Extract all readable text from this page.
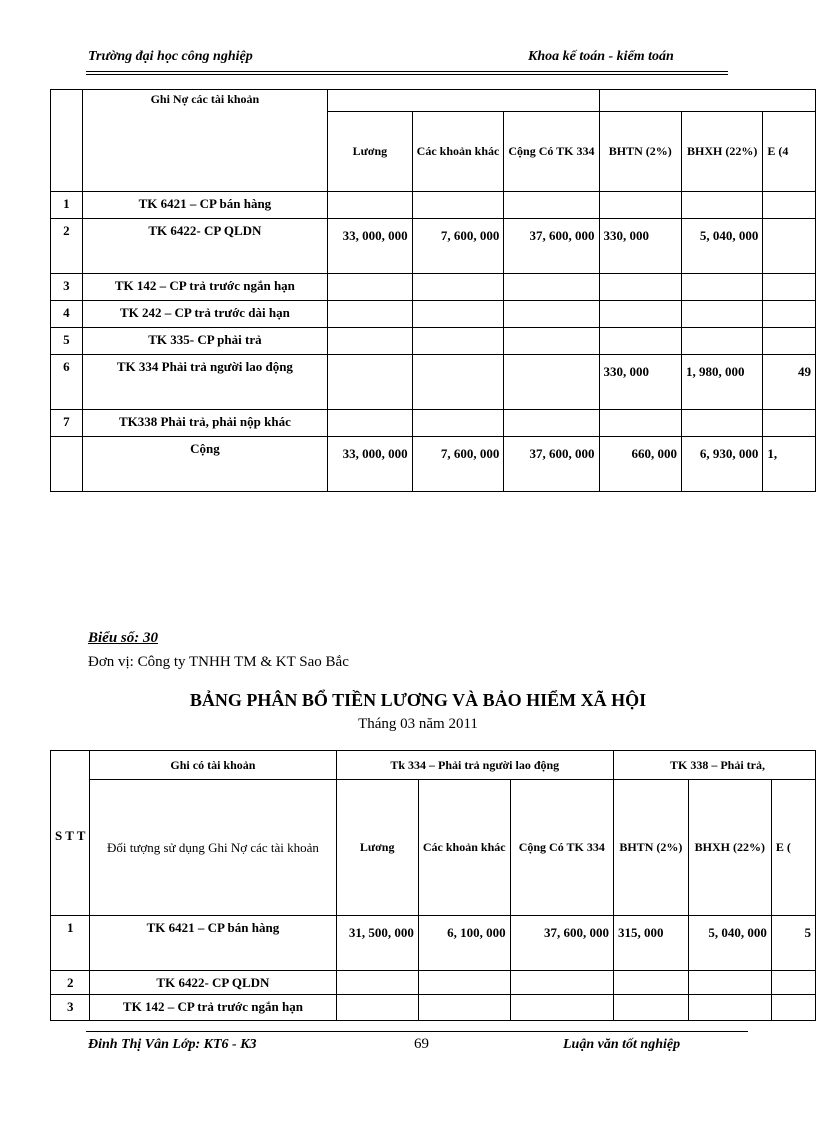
Trường đại học công nghiệp	Khoa kế toán - kiểm toán
	Ghi Nợ các tài khoản						
		Lương	Các khoản khác	Cộng Có TK 334	BHTN (2%)	BHXH (22%)	E (4
1	TK 6421 – CP bán hàng						
2	TK 6422- CP QLDN	33, 000, 000	7, 600, 000	37, 600, 000	330, 000	5, 040, 000	
3	TK 142 – CP trả trước ngắn hạn						
4	TK 242 – CP trả trước dài hạn						
5	TK 335- CP phải trả						
6	TK 334 Phải trả người lao động				330, 000	1, 980, 000	49
7	TK338 Phải trả, phải nộp khác						
	Cộng	33, 000, 000	7, 600, 000	37, 600, 000	660, 000	6, 930, 000	1,
Biểu số: 30
Đơn vị: Công ty TNHH TM & KT Sao Bắc
BẢNG PHÂN BỔ TIỀN LƯƠNG VÀ BẢO HIỂM XÃ HỘI
Tháng 03 năm 2011
S T T	Ghi có tài khoản	Tk 334 – Phải trả người lao động			TK 338 – Phải trả,		
	Đối tượng sử dụng Ghi Nợ các tài khoản	Lương	Các khoản khác	Cộng Có TK 334	BHTN (2%)	BHXH (22%)	E (
1	TK 6421 – CP bán hàng	31, 500, 000	6, 100, 000	37, 600, 000	315, 000	5, 040, 000	5
2	TK 6422- CP QLDN						
3	TK 142 – CP trả trước ngắn hạn						
Đinh Thị Vân Lớp: KT6 - K3	69	Luận văn tốt nghiệp
